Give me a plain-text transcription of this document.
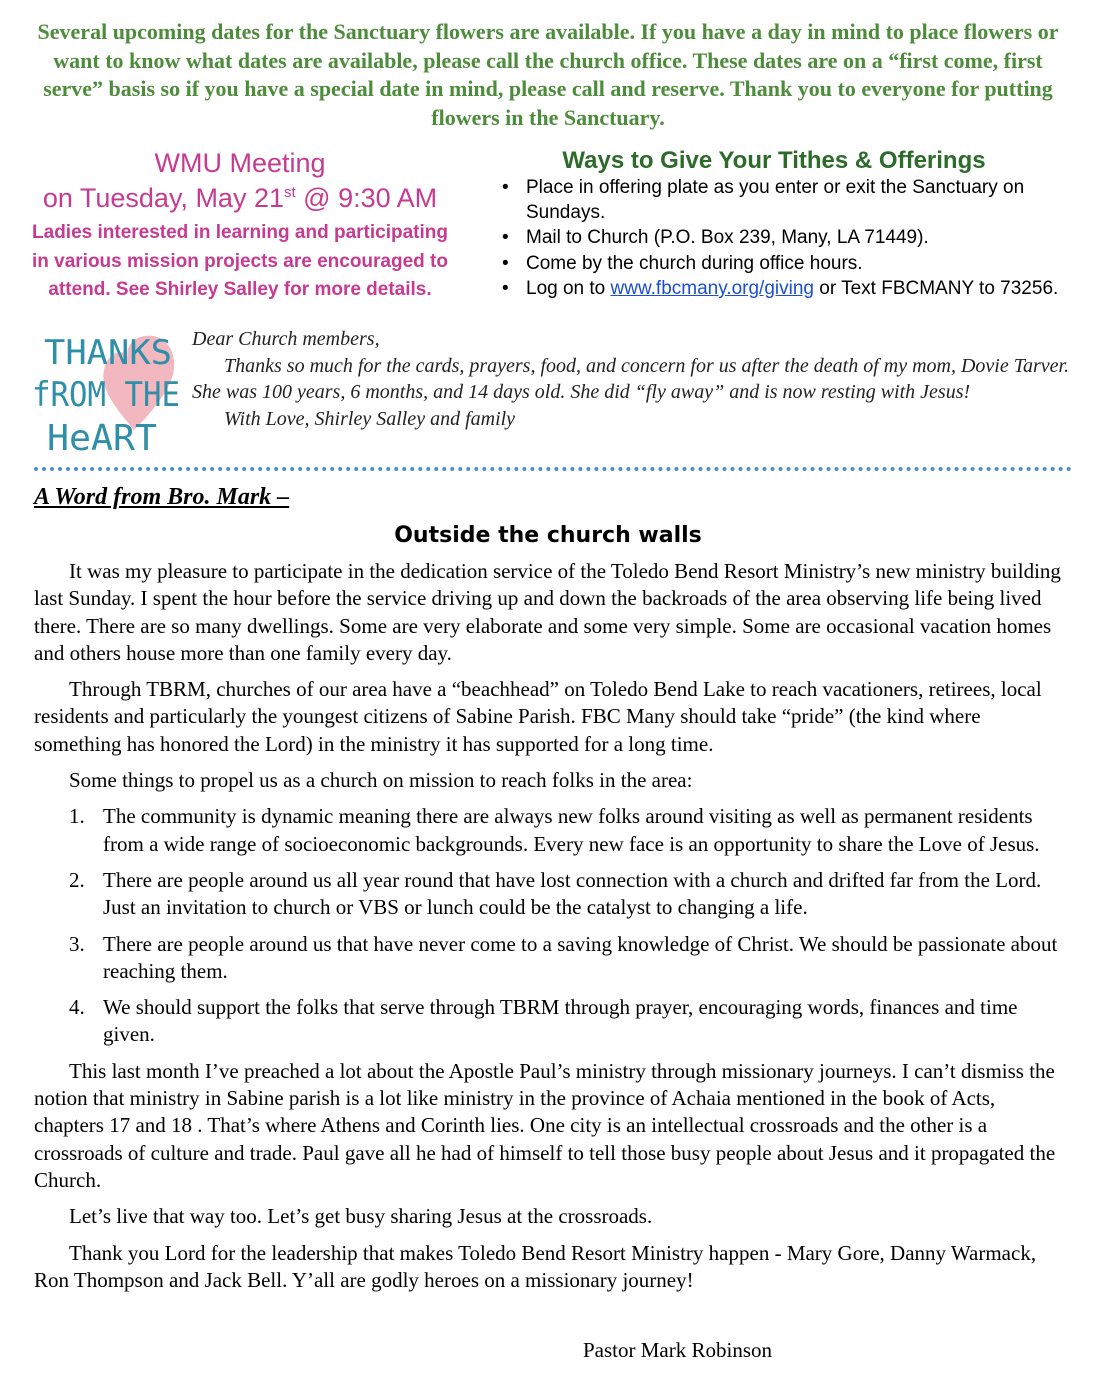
Several upcoming dates for the Sanctuary flowers are available. If you have a day in mind to place flowers or want to know what dates are available, please call the church office. These dates are on a “first come, first serve” basis so if you have a special date in mind, please call and reserve. Thank you to everyone for putting flowers in the Sanctuary.
WMU Meeting
on Tuesday, May 21st @ 9:30 AM
Ladies interested in learning and participating in various mission projects are encouraged to attend. See Shirley Salley for more details.
Ways to Give Your Tithes & Offerings
• Place in offering plate as you enter or exit the Sanctuary on Sundays.
• Mail to Church (P.O. Box 239, Many, LA 71449).
• Come by the church during office hours.
• Log on to www.fbcmany.org/giving or Text FBCMANY to 73256.
THANKS
fROM THE
HeART

Dear Church members,

Thanks so much for the cards, prayers, food, and concern for us after the death of my mom, Dovie Tarver. She was 100 years, 6 months, and 14 days old. She did “fly away” and is now resting with Jesus!

With Love, Shirley Salley and family

A Word from Bro. Mark –
Outside the church walls

It was my pleasure to participate in the dedication service of the Toledo Bend Resort Ministry’s new ministry building last Sunday. I spent the hour before the service driving up and down the backroads of the area observing life being lived there. There are so many dwellings. Some are very elaborate and some very simple. Some are occasional vacation homes and others house more than one family every day.

Through TBRM, churches of our area have a “beachhead” on Toledo Bend Lake to reach vacationers, retirees, local residents and particularly the youngest citizens of Sabine Parish. FBC Many should take “pride” (the kind where something has honored the Lord) in the ministry it has supported for a long time.

Some things to propel us as a church on mission to reach folks in the area:

1. The community is dynamic meaning there are always new folks around visiting as well as permanent residents from a wide range of socioeconomic backgrounds. Every new face is an opportunity to share the Love of Jesus.
2. There are people around us all year round that have lost connection with a church and drifted far from the Lord. Just an invitation to church or VBS or lunch could be the catalyst to changing a life.
3. There are people around us that have never come to a saving knowledge of Christ. We should be passionate about reaching them.
4. We should support the folks that serve through TBRM through prayer, encouraging words, finances and time given.

This last month I’ve preached a lot about the Apostle Paul’s ministry through missionary journeys. I can’t dismiss the notion that ministry in Sabine parish is a lot like ministry in the province of Achaia mentioned in the book of Acts, chapters 17 and 18 . That’s where Athens and Corinth lies. One city is an intellectual crossroads and the other is a crossroads of culture and trade. Paul gave all he had of himself to tell those busy people about Jesus and it propagated the Church.

Let’s live that way too. Let’s get busy sharing Jesus at the crossroads.

Thank you Lord for the leadership that makes Toledo Bend Resort Ministry happen - Mary Gore, Danny Warmack, Ron Thompson and Jack Bell. Y’all are godly heroes on a missionary journey!

Pastor Mark Robinson
